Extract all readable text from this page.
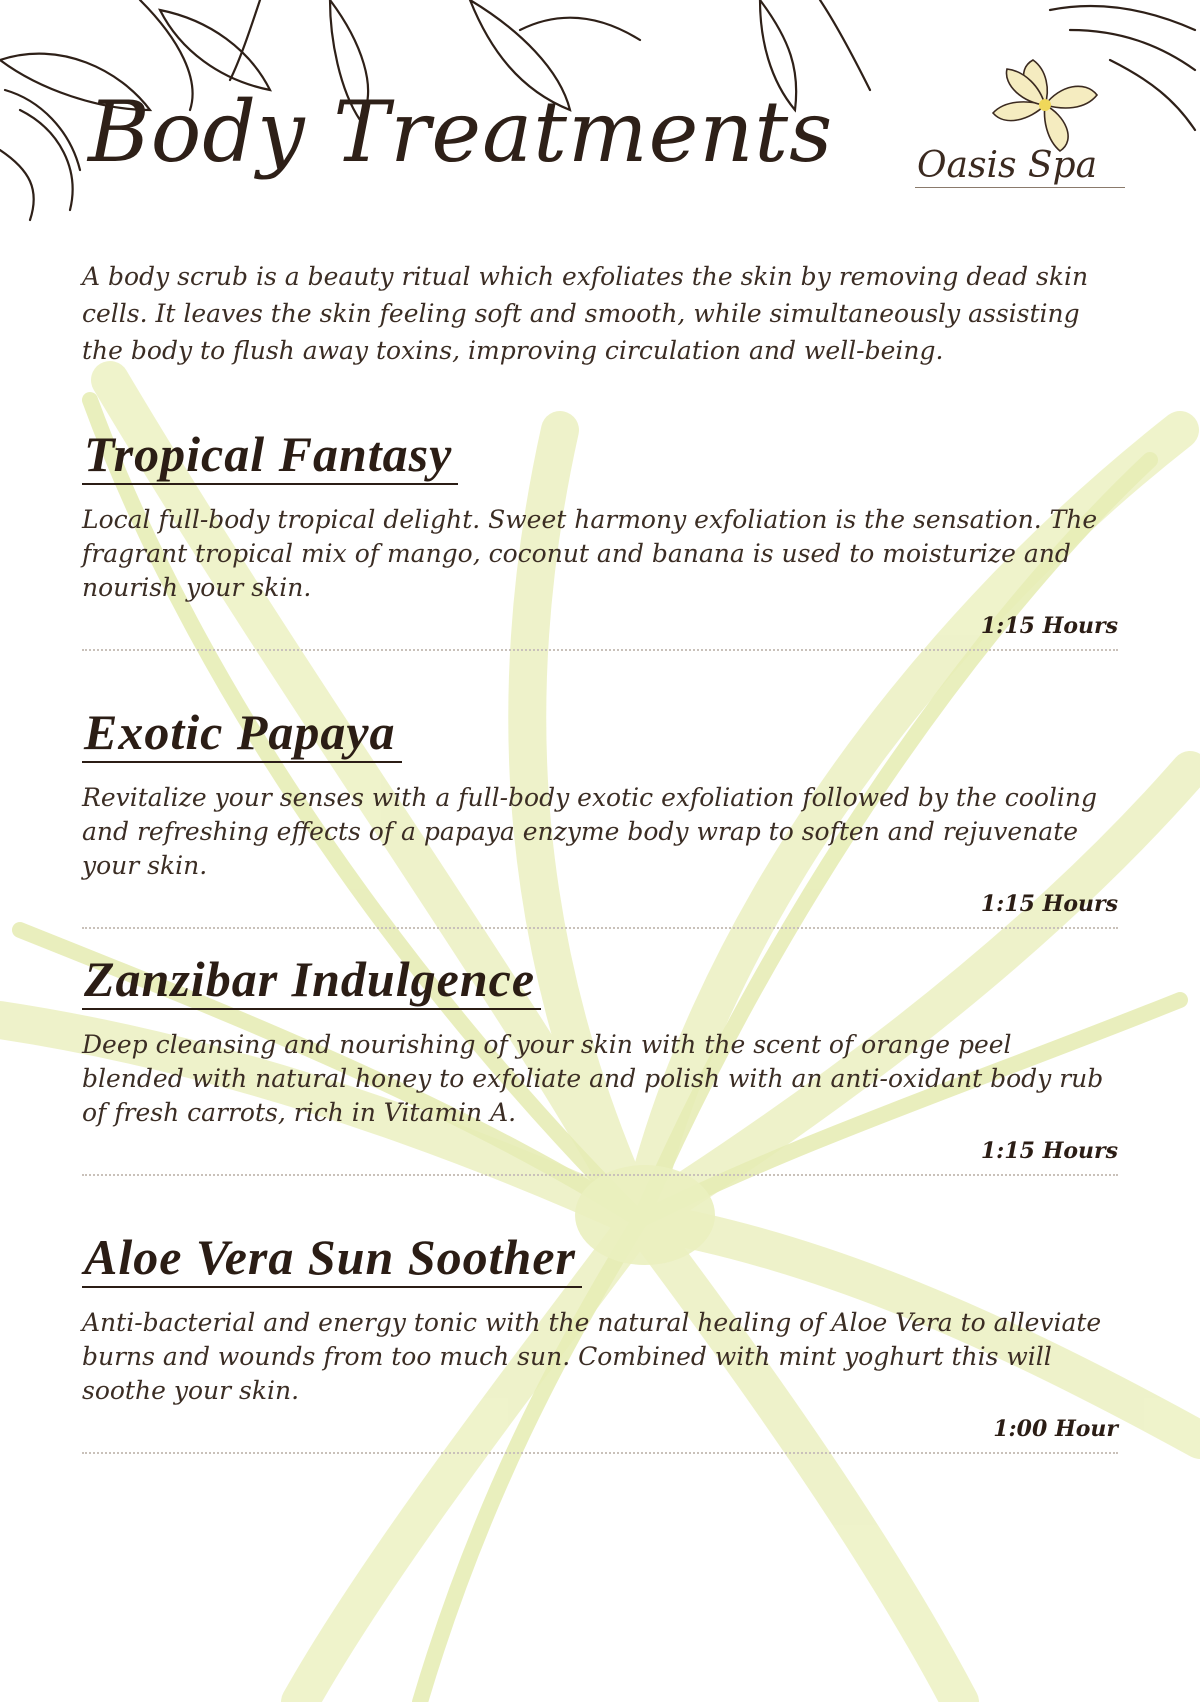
Body Treatments Oasis Spa
A body scrub is a beauty ritual which exfoliates the skin by removing dead skin cells. It leaves the skin feeling soft and smooth, while simultaneously assisting the body to flush away toxins, improving circulation and well-being.
Tropical Fantasy
Local full-body tropical delight. Sweet harmony exfoliation is the sensation. The fragrant tropical mix of mango, coconut and banana is used to moisturize and nourish your skin.
1:15 Hours
Exotic Papaya
Revitalize your senses with a full-body exotic exfoliation followed by the cooling and refreshing effects of a papaya enzyme body wrap to soften and rejuvenate your skin.
1:15 Hours
Zanzibar Indulgence
Deep cleansing and nourishing of your skin with the scent of orange peel blended with natural honey to exfoliate and polish with an anti-oxidant body rub of fresh carrots, rich in Vitamin A.
1:15 Hours
Aloe Vera Sun Soother
Anti-bacterial and energy tonic with the natural healing of Aloe Vera to alleviate burns and wounds from too much sun. Combined with mint yoghurt this will soothe your skin.
1:00 Hour
